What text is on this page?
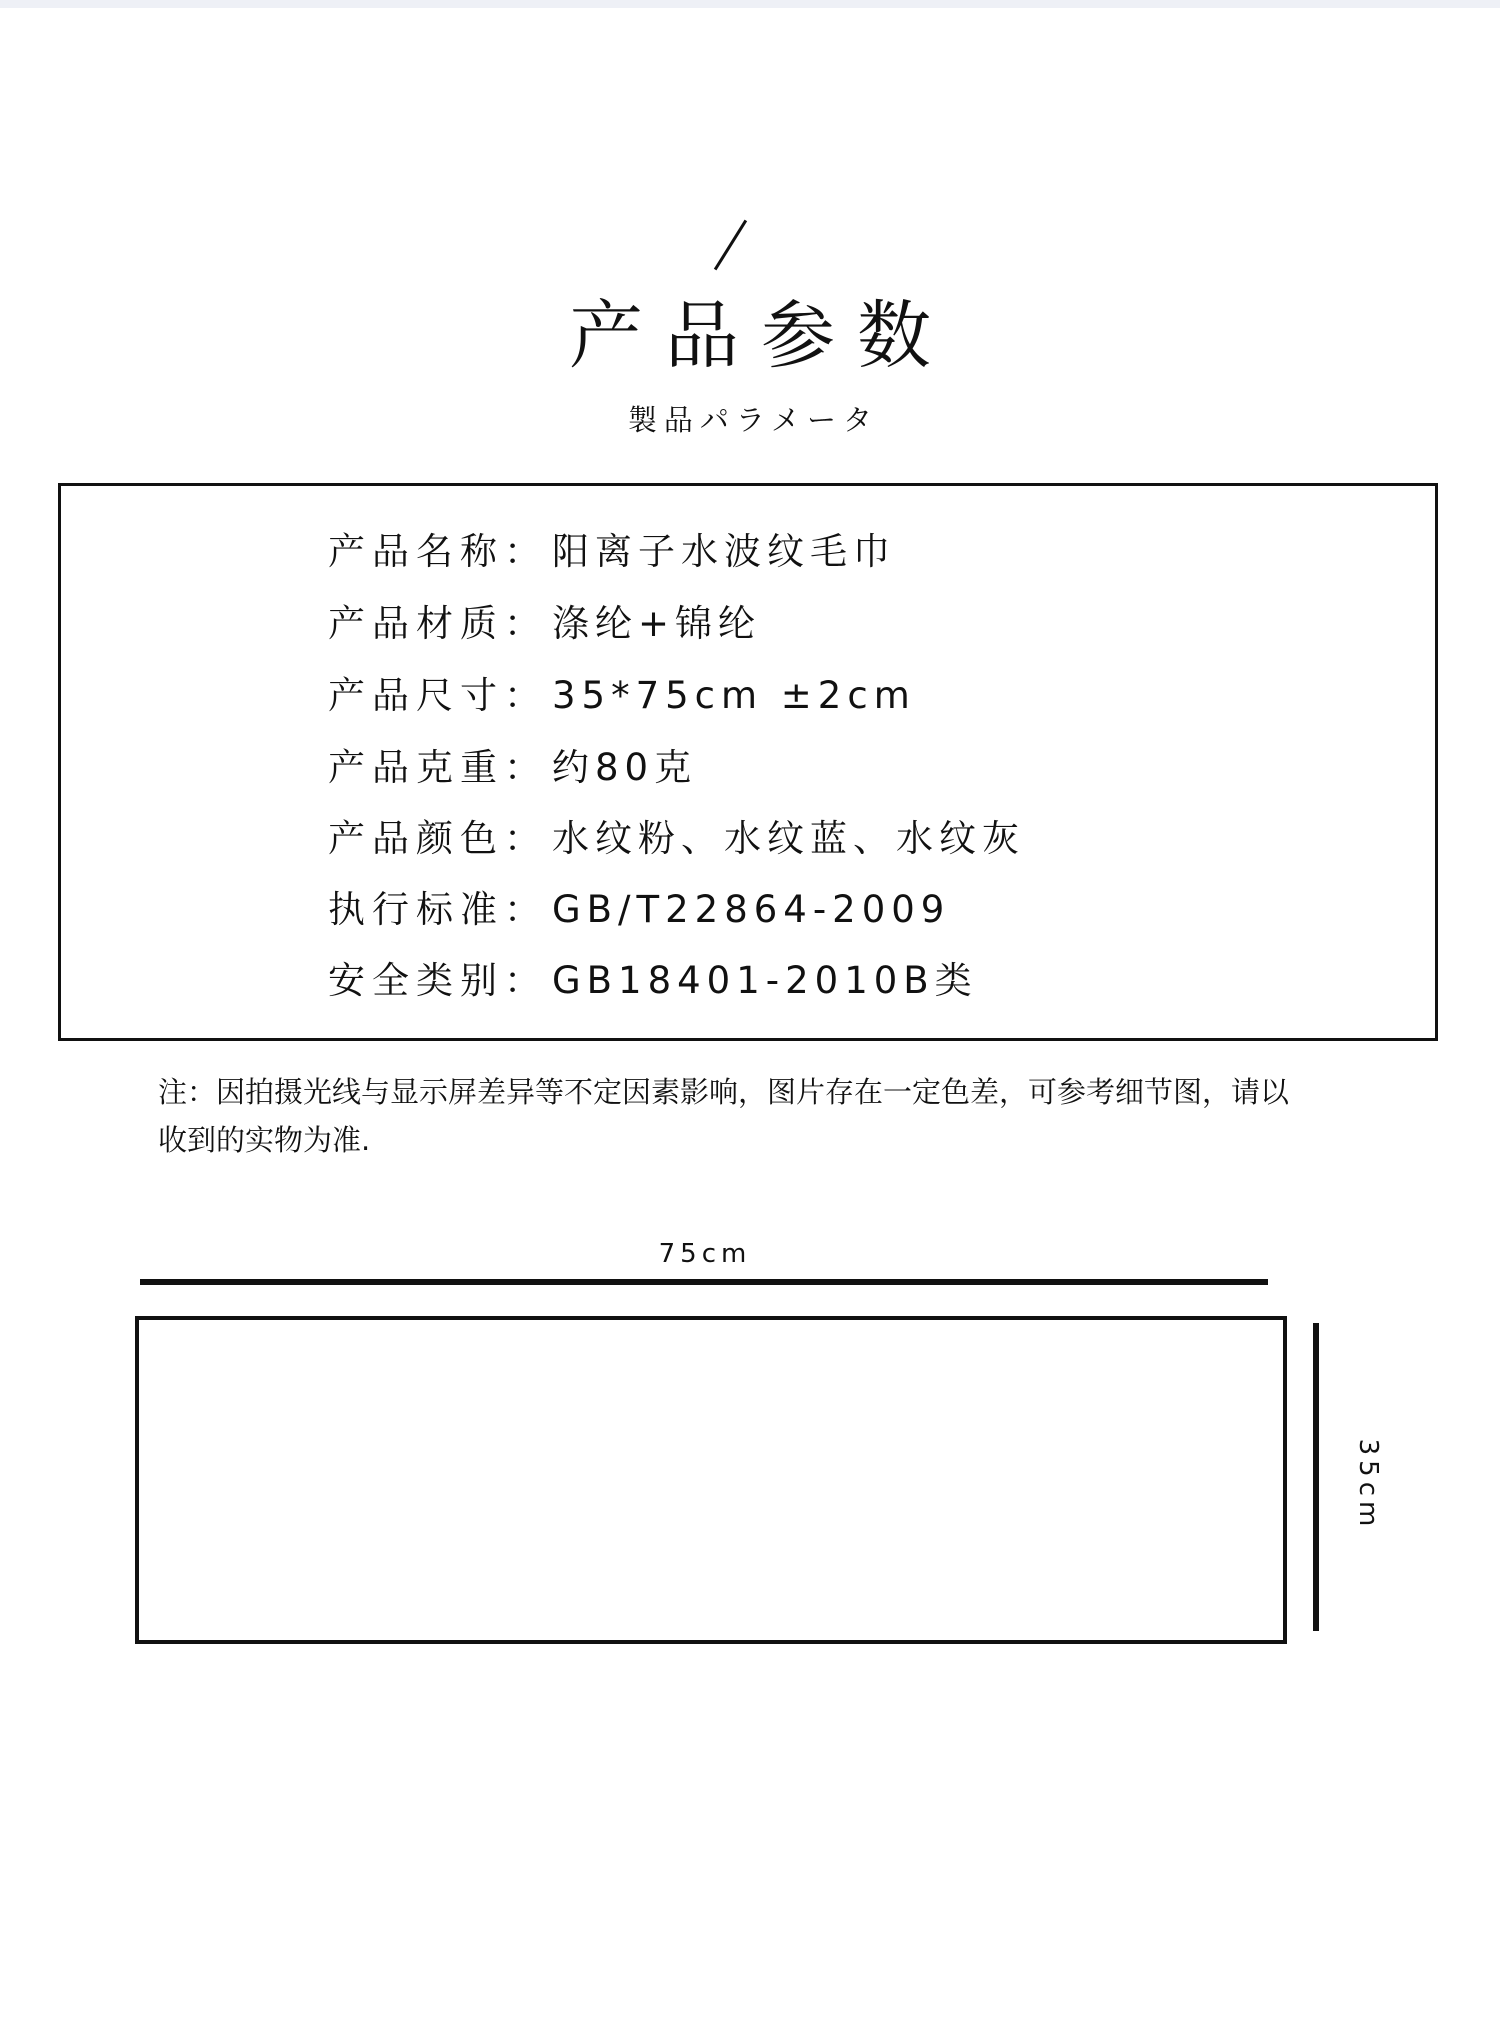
产品参数
製品パラメータ
产品名称： 阳离子水波纹毛巾
产品材质： 涤纶+锦纶
产品尺寸： 35*75cm ±2cm
产品克重： 约80克
产品颜色： 水纹粉、水纹蓝、水纹灰
执行标准： GB/T22864-2009
安全类别： GB18401-2010B类
注：因拍摄光线与显示屏差异等不定因素影响，图片存在一定色差，可参考细节图，请以
收到的实物为准.
75cm
35cm
